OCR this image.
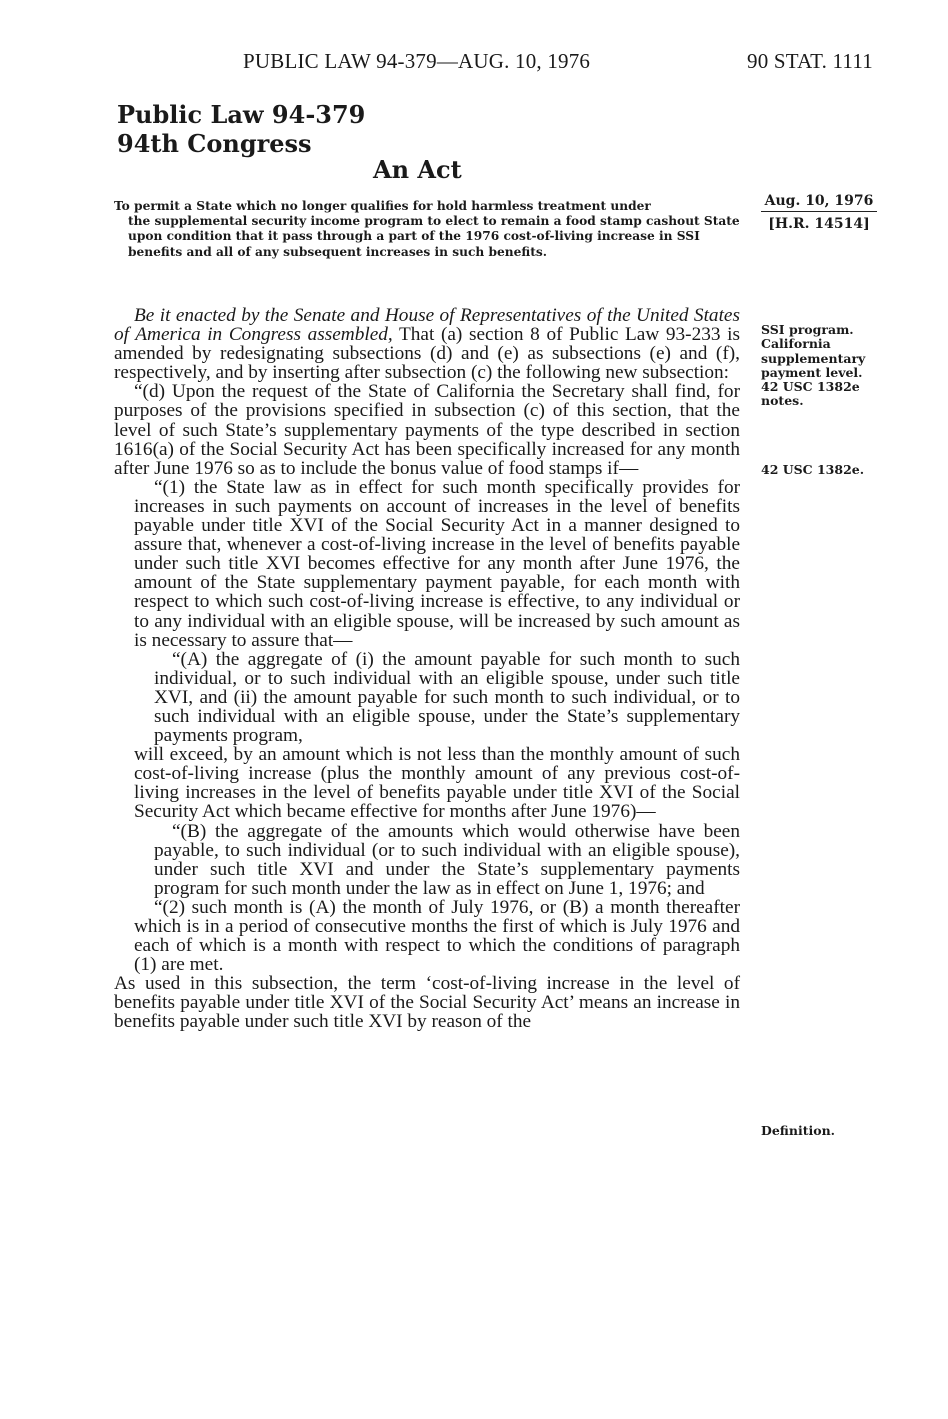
PUBLIC LAW 94-379—AUG. 10, 1976	90 STAT. 1111
Public Law 94-379
94th Congress
An Act
Aug. 10, 1976
[H.R. 14514]

To permit a State which no longer qualifies for hold harmless treatment under
the supplemental security income program to elect to remain a food stamp cashout State upon condition that it pass through a part of the 1976 cost-of-living increase in SSI benefits and all of any subsequent increases in such benefits.

SSI program.
California
supplementary
payment level.
42 USC 1382e
notes.
42 USC 1382e.
Definition.

Be it enacted by the Senate and House of Representatives of the United States of America in Congress assembled, That (a) section 8 of Public Law 93-233 is amended by redesignating subsections (d) and (e) as subsections (e) and (f), respectively, and by inserting after subsection (c) the following new subsection:

“(d) Upon the request of the State of California the Secretary shall find, for purposes of the provisions specified in subsection (c) of this section, that the level of such State’s supplementary payments of the type described in section 1616(a) of the Social Security Act has been specifically increased for any month after June 1976 so as to include the bonus value of food stamps if—

“(1) the State law as in effect for such month specifically provides for increases in such payments on account of increases in the level of benefits payable under title XVI of the Social Security Act in a manner designed to assure that, whenever a cost-of-living increase in the level of benefits payable under such title XVI becomes effective for any month after June 1976, the amount of the State supplementary payment payable, for each month with respect to which such cost-of-living increase is effective, to any individual or to any individual with an eligible spouse, will be increased by such amount as is necessary to assure that—

“(A) the aggregate of (i) the amount payable for such month to such individual, or to such individual with an eligible spouse, under such title XVI, and (ii) the amount payable for such month to such individual, or to such individual with an eligible spouse, under the State’s supplementary payments program,

will exceed, by an amount which is not less than the monthly amount of such cost-of-living increase (plus the monthly amount of any previous cost-of-living increases in the level of benefits payable under title XVI of the Social Security Act which became effective for months after June 1976)—

“(B) the aggregate of the amounts which would otherwise have been payable, to such individual (or to such individual with an eligible spouse), under such title XVI and under the State’s supplementary payments program for such month under the law as in effect on June 1, 1976; and

“(2) such month is (A) the month of July 1976, or (B) a month thereafter which is in a period of consecutive months the first of which is July 1976 and each of which is a month with respect to which the conditions of paragraph (1) are met.

As used in this subsection, the term ‘cost-of-living increase in the level of benefits payable under title XVI of the Social Security Act’ means an increase in benefits payable under such title XVI by reason of the
